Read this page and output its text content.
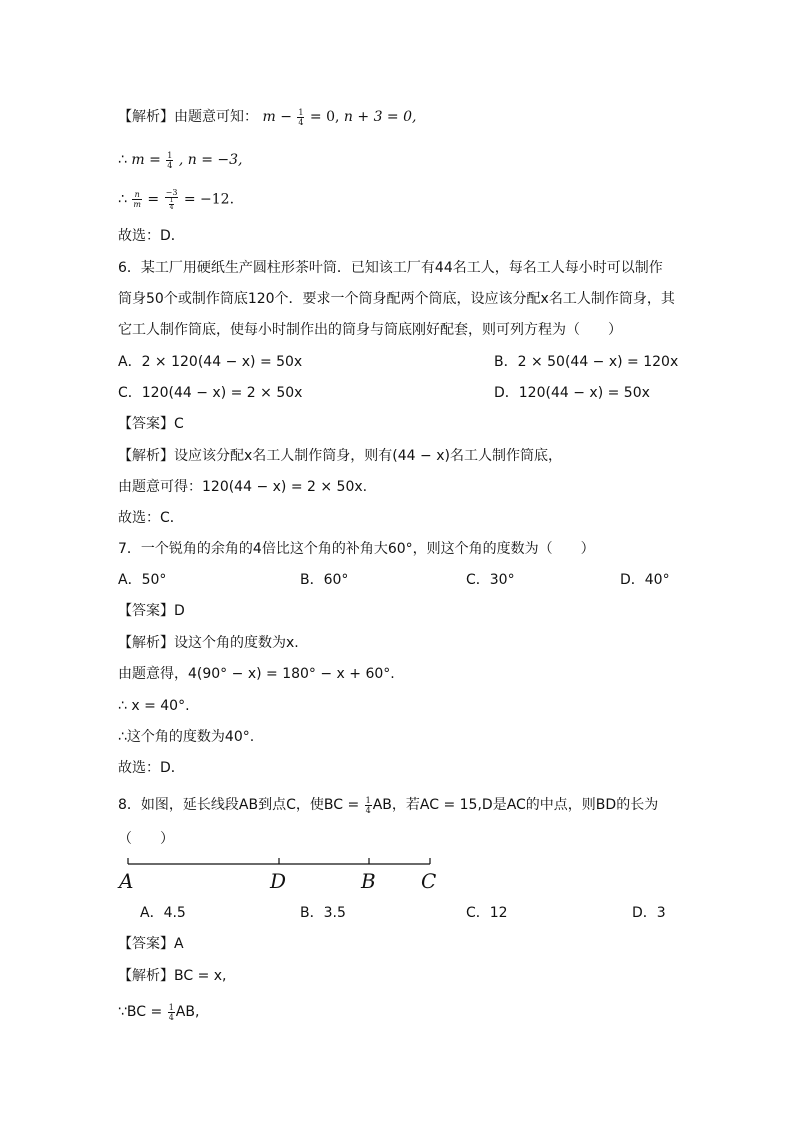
【解析】由题意可知： $m - \frac{1}{4} = 0$, n + 3 = 0,
∴ $m = \frac{1}{4}$ , n = −3,
∴ $\frac{n}{m} = \frac{-3}{\frac{1}{4}} = -12$.
故选：D．
6．某工厂用硬纸生产圆柱形茶叶筒．已知该工厂有44名工人，每名工人每小时可以制作
筒身50个或制作筒底120个．要求一个筒身配两个筒底，设应该分配x名工人制作筒身，其
它工人制作筒底，使每小时制作出的筒身与筒底刚好配套，则可列方程为（　　）
A．2 × 120(44 − x) = 50x	B．2 × 50(44 − x) = 120x
C．120(44 − x) = 2 × 50x	D．120(44 − x) = 50x
【答案】C
【解析】设应该分配x名工人制作筒身，则有(44 − x)名工人制作筒底，
由题意可得：120(44 − x) = 2 × 50x.
故选：C．
7．一个锐角的余角的4倍比这个角的补角大60°，则这个角的度数为（　　）
A．50°	B．60°	C．30°	D．40°
【答案】D
【解析】设这个角的度数为x.
由题意得，4(90° − x) = 180° − x + 60°.
∴ x = 40°.
∴这个角的度数为40°.
故选：D．
8．如图，延长线段AB到点C，使BC = $\frac{1}{4}$ AB，若AC = 15,D是AC的中点，则BD的长为
（　　）
A	D	B C
A．4.5	B．3.5	C．12	D．3
【答案】A
【解析】BC = x,
∵BC = $\frac{1}{4}$ AB,
